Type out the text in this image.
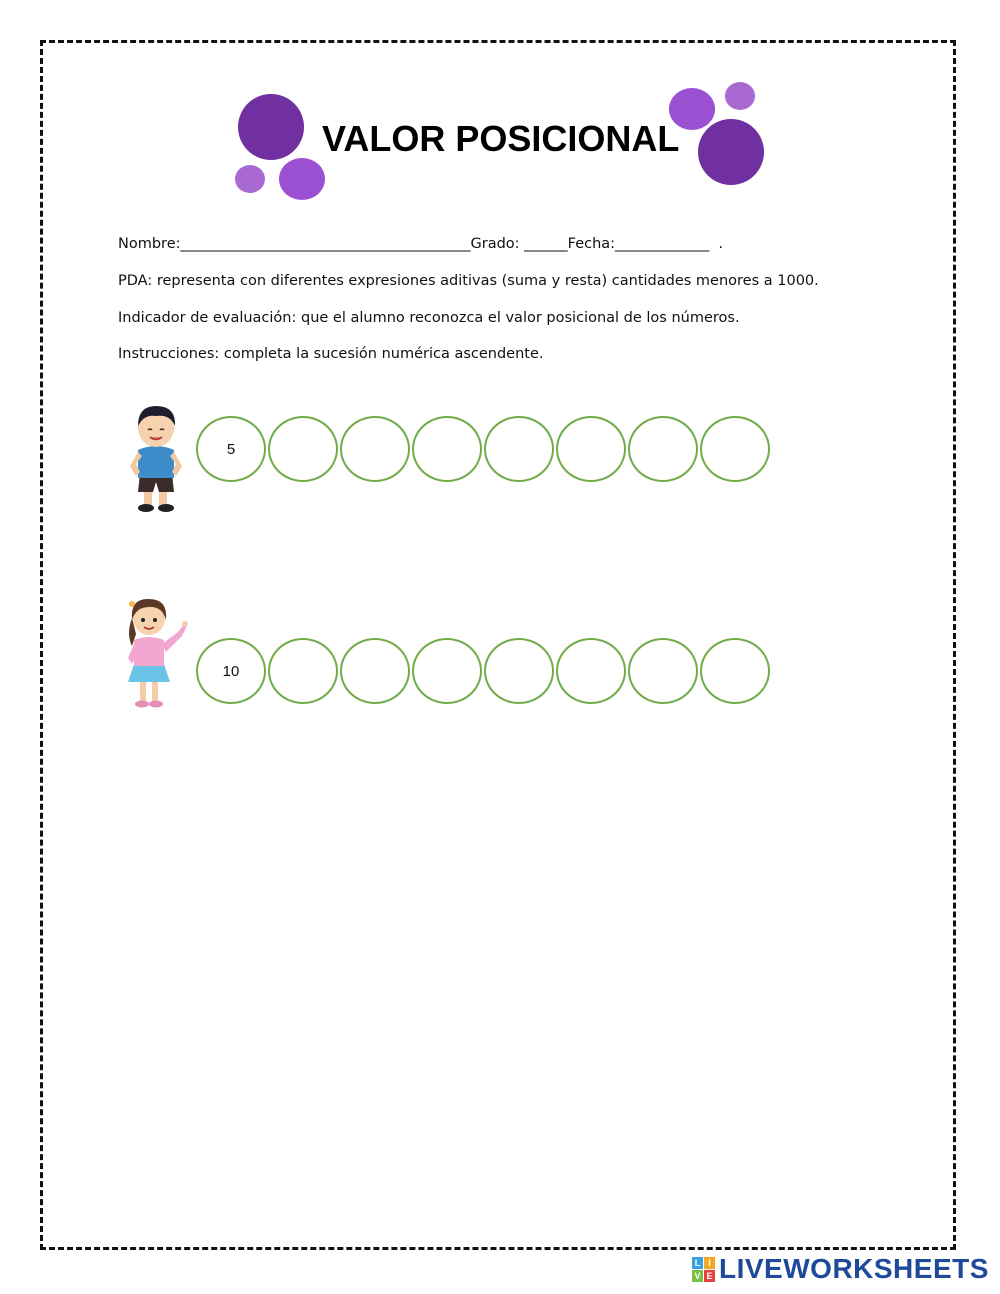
VALOR POSICIONAL

Nombre:________________________________________Grado: ______Fecha:_____________  .

PDA: representa con diferentes expresiones aditivas (suma y resta) cantidades menores a 1000.

Indicador de evaluación: que el alumno reconozca el valor posicional de los números.

Instrucciones: completa la sucesión numérica ascendente.

5
10
L I
V E LIVEWORKSHEETS
